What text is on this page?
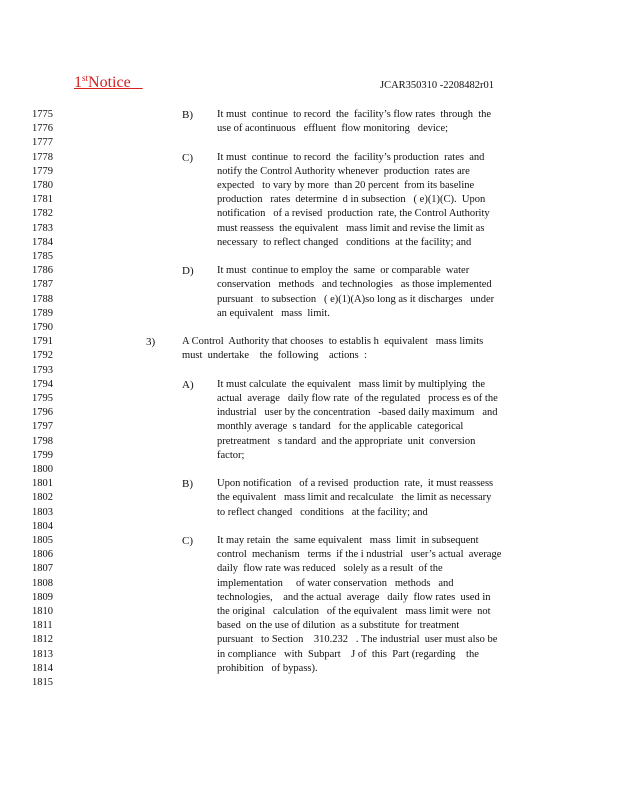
1stNotice	JCAR350310 -2208482r01
1775
1776
1777
1778
1779
1780
1781
1782
1783
1784
1785
1786
1787
1788
1789
1790
1791
1792
1793
1794
1795
1796
1797
1798
1799
1800
1801
1802
1803
1804
1805
1806
1807
1808
1809
1810
1811
1812
1813
1814
1815
B) It must  continue  to record  the  facility’s flow rates  through  the
use of acontinuous   effluent  flow monitoring   device;
C) It must  continue  to record  the  facility’s production  rates  and
notify the Control Authority whenever  production  rates are
expected   to vary by more  than 20 percent  from its baseline
production   rates  determine  d in subsection   ( e)(1)(C).  Upon
notification   of a revised  production  rate, the Control Authority
must reassess  the equivalent   mass limit and revise the limit as
necessary  to reflect changed   conditions  at the facility; and
D) It must  continue to employ the  same  or comparable  water
conservation   methods   and technologies   as those implemented
pursuant   to subsection   ( e)(1)(A)so long as it discharges   under
an equivalent   mass  limit.
3)	A Control  Authority that chooses  to establis h  equivalent   mass limits
must  undertake    the  following    actions  :
A) It must calculate  the equivalent   mass limit by multiplying  the
actual  average   daily flow rate  of the regulated   process es of the
industrial   user by the concentration   -based daily maximum   and
monthly average  s tandard   for the applicable  categorical
pretreatment   s tandard  and the appropriate  unit  conversion
factor;
B) Upon notification   of a revised  production  rate,  it must reassess
the equivalent   mass limit and recalculate   the limit as necessary
to reflect changed   conditions   at the facility; and
C) It may retain  the  same equivalent   mass  limit  in subsequent
control  mechanism   terms  if the i ndustrial   user’s actual  average
daily  flow rate was reduced   solely as a result  of the
implementation     of water conservation   methods   and
technologies,    and the actual  average   daily  flow rates  used in
the original   calculation   of the equivalent   mass limit were  not
based  on the use of dilution  as a substitute  for treatment
pursuant   to Section    310.232   . The industrial  user must also be
in compliance   with  Subpart    J of  this  Part (regarding    the
prohibition   of bypass).
